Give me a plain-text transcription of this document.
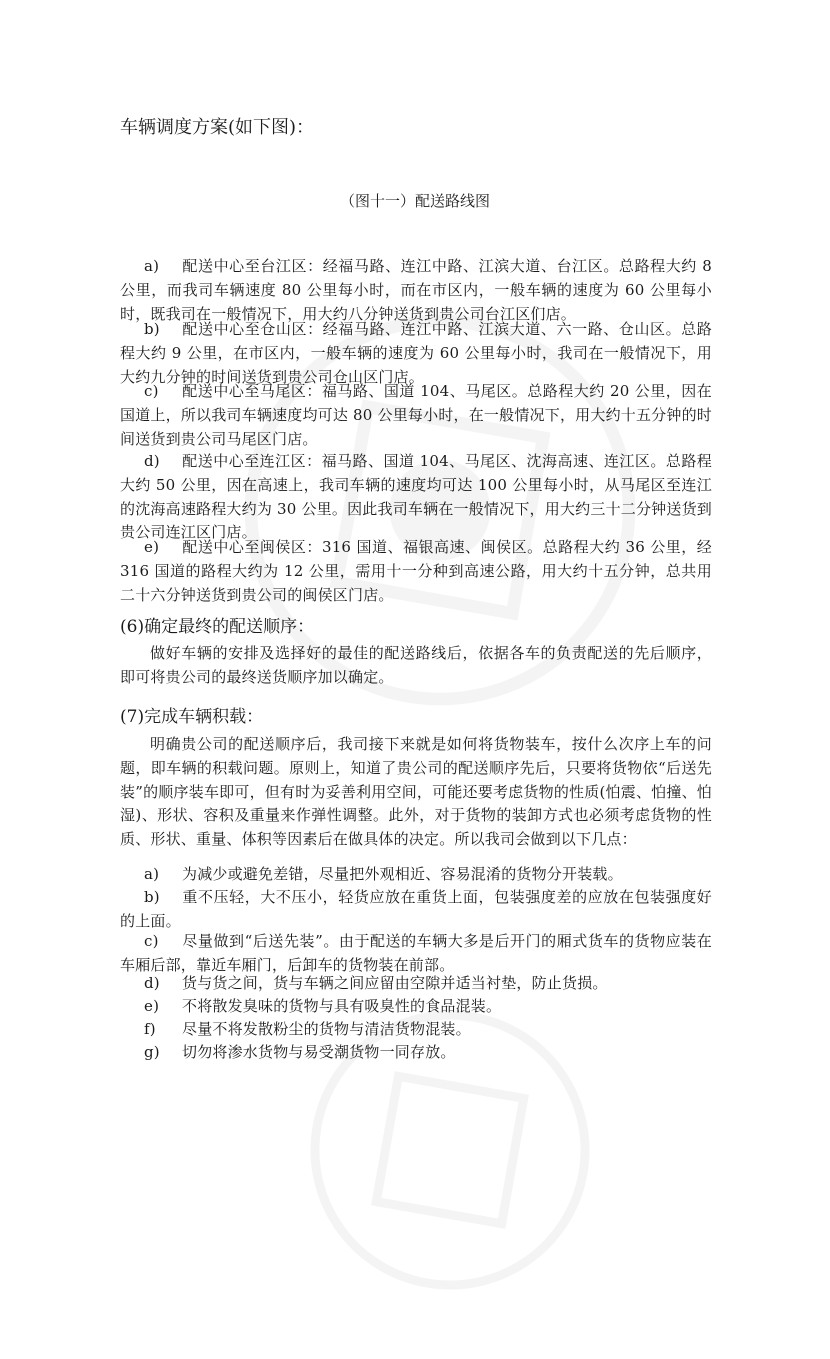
车辆调度方案(如下图)：
（图十一）配送路线图

a) 配送中心至台江区：经福马路、连江中路、江滨大道、台江区。总路程大约 8 公里，而我司车辆速度 80 公里每小时，而在市区内，一般车辆的速度为 60 公里每小时，既我司在一般情况下，用大约八分钟送货到贵公司台江区们店。

b) 配送中心至仓山区：经福马路、连江中路、江滨大道、六一路、仓山区。总路程大约 9 公里，在市区内，一般车辆的速度为 60 公里每小时，我司在一般情况下，用大约九分钟的时间送货到贵公司仓山区门店。

c) 配送中心至马尾区：福马路、国道 104、马尾区。总路程大约 20 公里，因在国道上，所以我司车辆速度均可达 80 公里每小时，在一般情况下，用大约十五分钟的时间送货到贵公司马尾区门店。

d) 配送中心至连江区：福马路、国道 104、马尾区、沈海高速、连江区。总路程大约 50 公里，因在高速上，我司车辆的速度均可达 100 公里每小时，从马尾区至连江的沈海高速路程大约为 30 公里。因此我司车辆在一般情况下，用大约三十二分钟送货到贵公司连江区门店。

e) 配送中心至闽侯区：316 国道、福银高速、闽侯区。总路程大约 36 公里，经 316 国道的路程大约为 12 公里，需用十一分种到高速公路，用大约十五分钟，总共用二十六分钟送货到贵公司的闽侯区门店。

(6)确定最终的配送顺序：

做好车辆的安排及选择好的最佳的配送路线后，依据各车的负责配送的先后顺序，即可将贵公司的最终送货顺序加以确定。

(7)完成车辆积载：

明确贵公司的配送顺序后，我司接下来就是如何将货物装车，按什么次序上车的问题，即车辆的积载问题。原则上，知道了贵公司的配送顺序先后，只要将货物依“后送先装”的顺序装车即可，但有时为妥善利用空间，可能还要考虑货物的性质(怕震、怕撞、怕湿)、形状、容积及重量来作弹性调整。此外，对于货物的装卸方式也必须考虑货物的性质、形状、重量、体积等因素后在做具体的决定。所以我司会做到以下几点：

a) 为减少或避免差错，尽量把外观相近、容易混淆的货物分开装载。

b) 重不压轻，大不压小，轻货应放在重货上面，包装强度差的应放在包装强度好的上面。

c) 尽量做到“后送先装”。由于配送的车辆大多是后开门的厢式货车的货物应装在车厢后部，靠近车厢门，后卸车的货物装在前部。

d) 货与货之间，货与车辆之间应留由空隙并适当衬垫，防止货损。

e) 不将散发臭味的货物与具有吸臭性的食品混装。

f) 尽量不将发散粉尘的货物与清洁货物混装。

g) 切勿将渗水货物与易受潮货物一同存放。
